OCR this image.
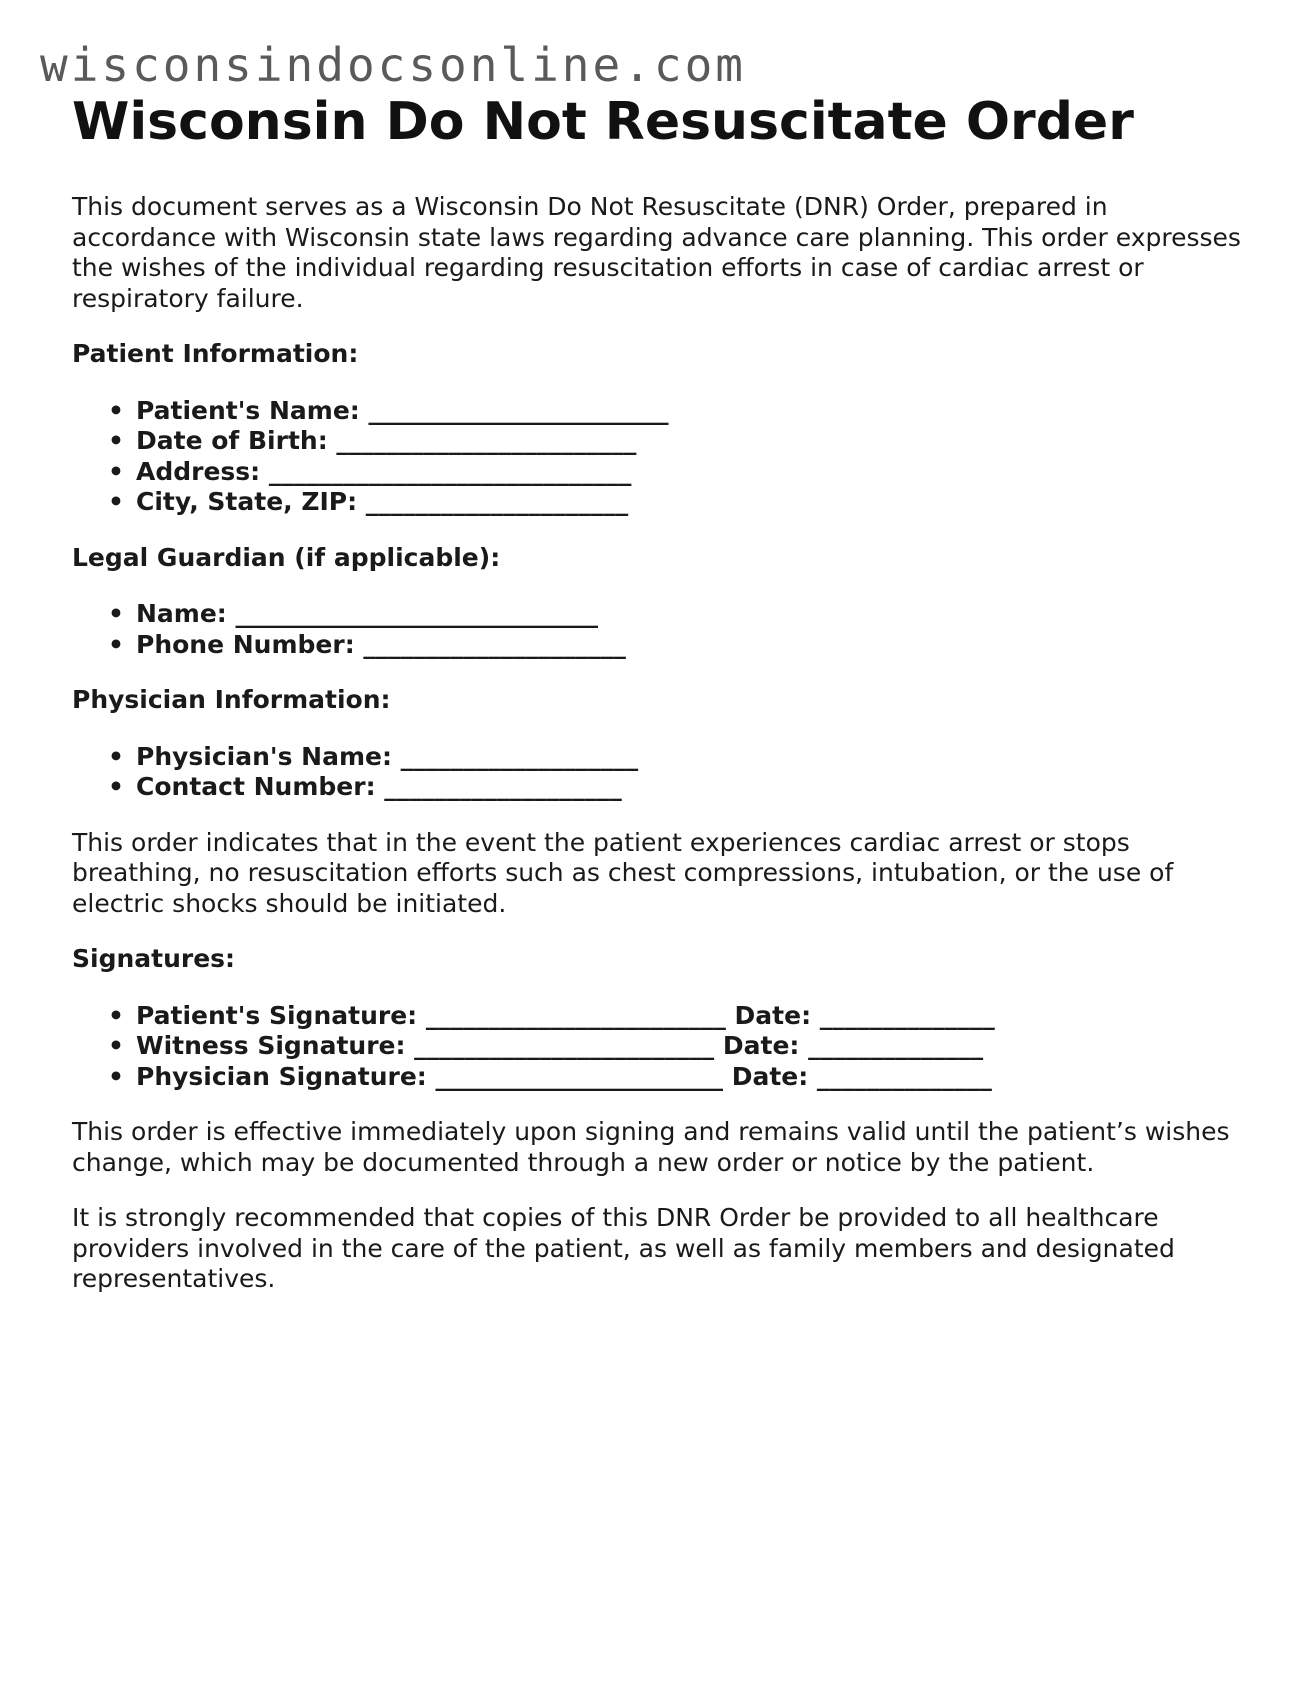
wisconsindocsonline.com
Wisconsin Do Not Resuscitate Order

This document serves as a Wisconsin Do Not Resuscitate (DNR) Order, prepared in accordance with Wisconsin state laws regarding advance care planning. This order expresses the wishes of the individual regarding resuscitation efforts in case of cardiac arrest or respiratory failure.

Patient Information:
• Patient's Name: ________________________
• Date of Birth: ________________________
• Address: _____________________________
• City, State, ZIP: _____________________
Legal Guardian (if applicable):
• Name: _____________________________
• Phone Number: _____________________
Physician Information:
• Physician's Name: ___________________
• Contact Number: ___________________

This order indicates that in the event the patient experiences cardiac arrest or stops breathing, no resuscitation efforts such as chest compressions, intubation, or the use of electric shocks should be initiated.

Signatures:
• Patient's Signature: ________________________ Date: ______________
• Witness Signature: ________________________ Date: ______________
• Physician Signature: _______________________ Date: ______________

This order is effective immediately upon signing and remains valid until the patient’s wishes change, which may be documented through a new order or notice by the patient.

It is strongly recommended that copies of this DNR Order be provided to all healthcare providers involved in the care of the patient, as well as family members and designated representatives.
